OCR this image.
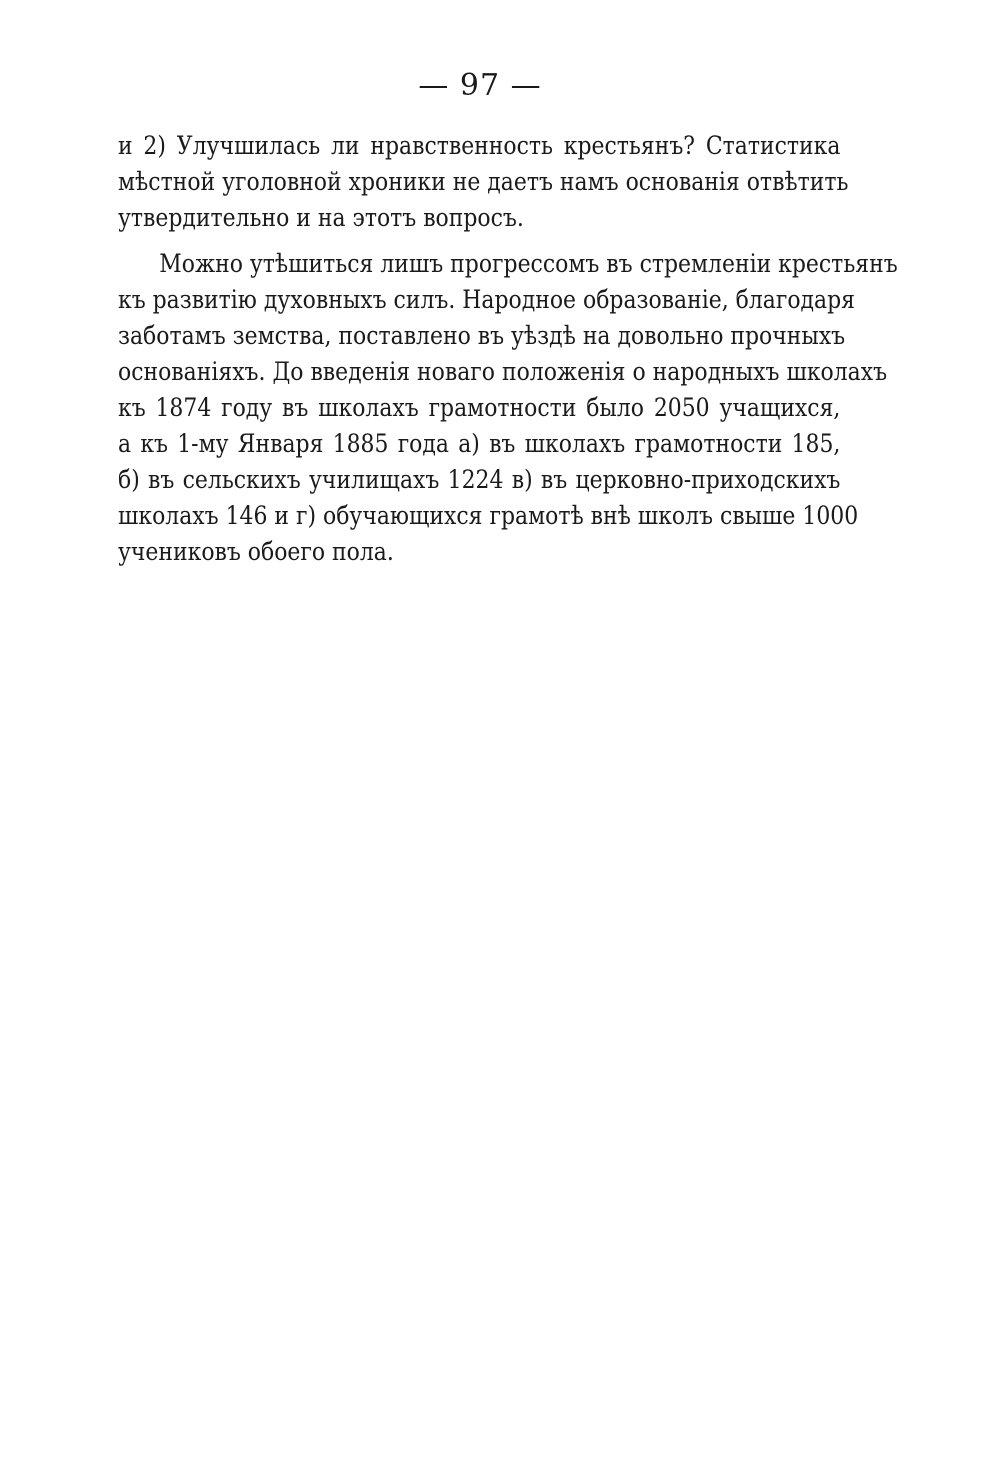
— 97 —
и 2) Улучшилась ли нравственность крестьянъ? Статистика
мѣстной уголовной хроники не даетъ намъ основанія отвѣтить
утвердительно и на этотъ вопросъ.
Можно утѣшиться лишъ прогрессомъ въ стремленіи крестьянъ
къ развитію духовныхъ силъ. Народное образованіе, благодаря
заботамъ земства, поставлено въ уѣздѣ на довольно прочныхъ
основаніяхъ. До введенія новаго положенія о народныхъ школахъ
къ 1874 году въ школахъ грамотности было 2050 учащихся,
а къ 1-му Января 1885 года а) въ школахъ грамотности 185,
б) въ сельскихъ училищахъ 1224 в) въ церковно-приходскихъ
школахъ 146 и г) обучающихся грамотѣ внѣ школъ свыше 1000
учениковъ обоего пола.
